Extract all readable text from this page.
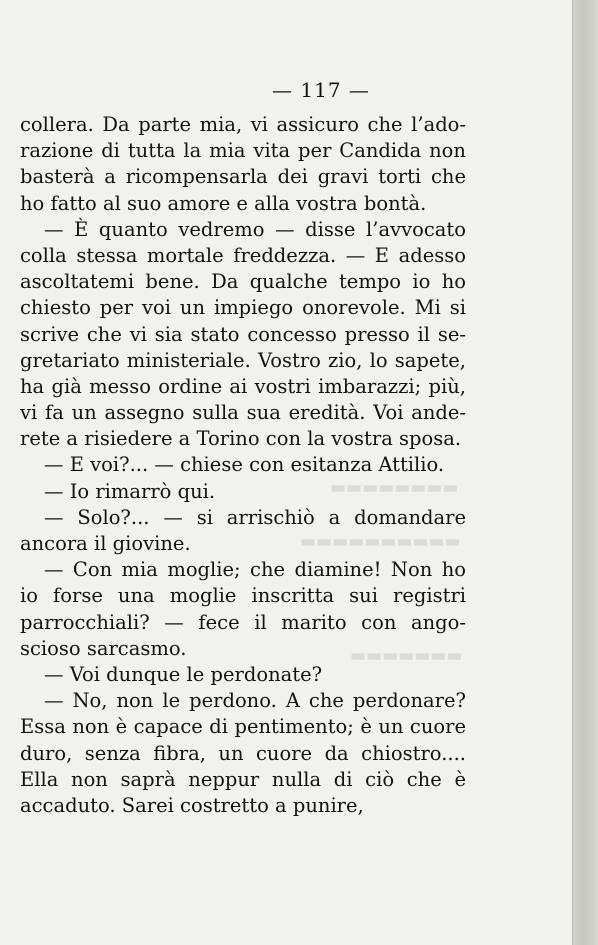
▬▬▬▬▬▬▬▬
▬▬▬▬▬▬▬▬▬▬
▬▬▬▬▬▬▬
— 117 —
collera. Da parte mia, vi assicuro che l’ado-
razione di tutta la mia vita per Candida non
basterà a ricompensarla dei gravi torti che
ho fatto al suo amore e alla vostra bontà.
— È quanto vedremo — disse l’avvocato
colla stessa mortale freddezza. — E adesso
ascoltatemi bene. Da qualche tempo io ho
chiesto per voi un impiego onorevole. Mi si
scrive che vi sia stato concesso presso il se-
gretariato ministeriale. Vostro zio, lo sapete,
ha già messo ordine ai vostri imbarazzi; più,
vi fa un assegno sulla sua eredità. Voi ande-
rete a risiedere a Torino con la vostra sposa.
— E voi?... — chiese con esitanza Attilio.
— Io rimarrò qui.
— Solo?... — si arrischiò a domandare
ancora il giovine.
— Con mia moglie; che diamine! Non ho
io forse una moglie inscritta sui registri
parrocchiali? — fece il marito con ango-
scioso sarcasmo.
— Voi dunque le perdonate?
— No, non le perdono. A che perdonare?
Essa non è capace di pentimento; è un cuore
duro, senza fibra, un cuore da chiostro....
Ella non saprà neppur nulla di ciò che è
accaduto. Sarei costretto a punire,
